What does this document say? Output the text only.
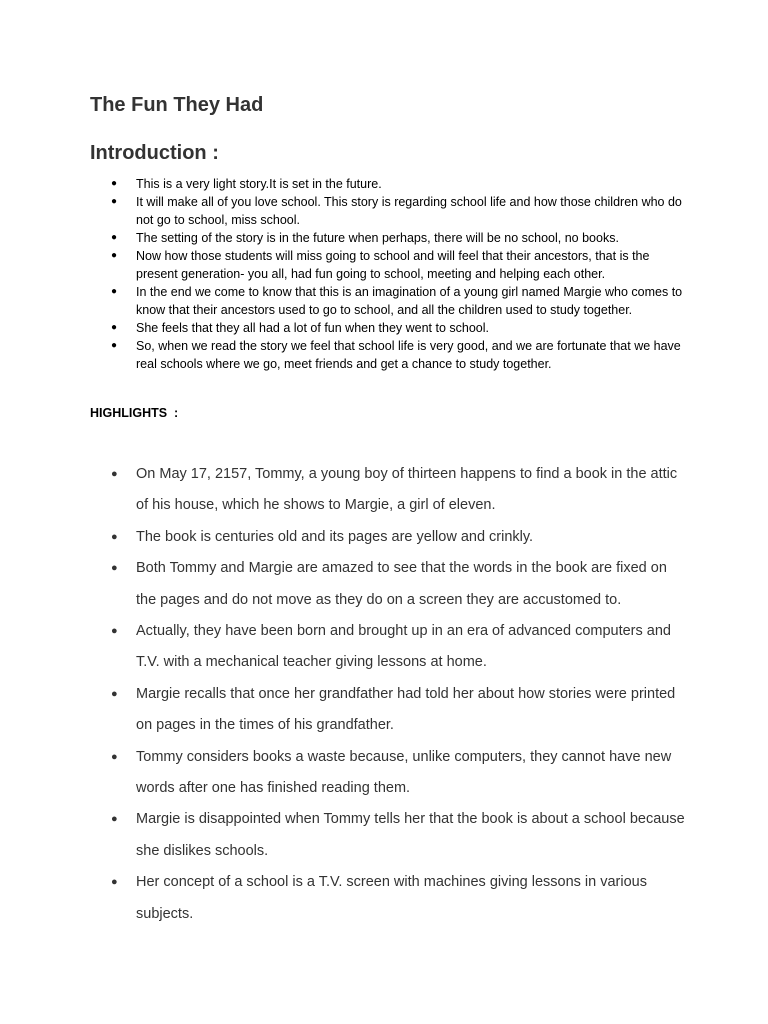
The Fun They Had
Introduction :
● This is a very light story.It is set in the future.
● It will make all of you love school. This story is regarding school life and how those children who do not go to school, miss school.
● The setting of the story is in the future when perhaps, there will be no school, no books.
● Now how those students will miss going to school and will feel that their ancestors, that is the present generation- you all, had fun going to school, meeting and helping each other.
● In the end we come to know that this is an imagination of a young girl named Margie who comes to know that their ancestors used to go to school, and all the children used to study together.
● She feels that they all had a lot of fun when they went to school.
● So, when we read the story we feel that school life is very good, and we are fortunate that we have real schools where we go, meet friends and get a chance to study together.
HIGHLIGHTS  :
● On May 17, 2157, Tommy, a young boy of thirteen happens to find a book in the attic of his house, which he shows to Margie, a girl of eleven.
● The book is centuries old and its pages are yellow and crinkly.
● Both Tommy and Margie are amazed to see that the words in the book are fixed on the pages and do not move as they do on a screen they are accustomed to.
● Actually, they have been born and brought up in an era of advanced computers and T.V. with a mechanical teacher giving lessons at home.
● Margie recalls that once her grandfather had told her about how stories were printed on pages in the times of his grandfather.
● Tommy considers books a waste because, unlike computers, they cannot have new words after one has finished reading them.
● Margie is disappointed when Tommy tells her that the book is about a school because she dislikes schools.
● Her concept of a school is a T.V. screen with machines giving lessons in various subjects.
